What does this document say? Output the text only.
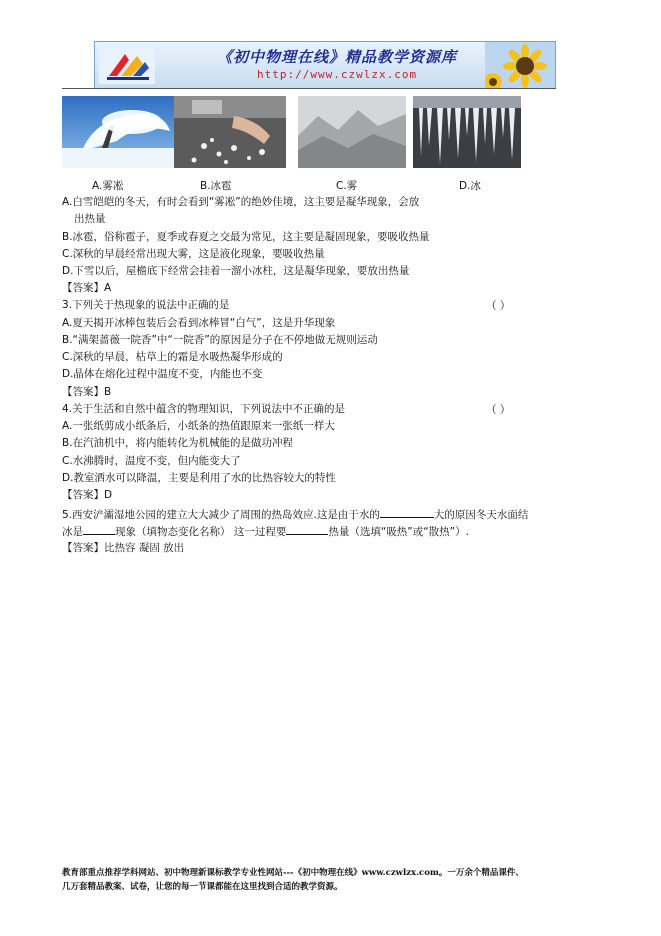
《初中物理在线》精品教学资源库
http://www.czwlzx.com
A.雾凇	B.冰雹	C.雾	D.冰
A.白雪皑皑的冬天，有时会看到“雾凇”的绝妙佳境，这主要是凝华现象，会放
出热量
B.冰雹，俗称雹子，夏季或春夏之交最为常见，这主要是凝固现象，要吸收热量
C.深秋的早晨经常出现大雾，这是液化现象，要吸收热量
D.下雪以后，屋檐底下经常会挂着一溜小冰柱，这是凝华现象，要放出热量
【答案】A
3.下列关于热现象的说法中正确的是	（ ）
A.夏天揭开冰棒包装后会看到冰棒冒“白气”，这是升华现象
B.“满架蔷薇一院香”中“一院香”的原因是分子在不停地做无规则运动
C.深秋的早晨，枯草上的霜是水吸热凝华形成的
D.晶体在熔化过程中温度不变，内能也不变
【答案】B
4.关于生活和自然中蕴含的物理知识，下列说法中不正确的是	（ ）
A.一张纸剪成小纸条后，小纸条的热值跟原来一张纸一样大
B.在汽油机中，将内能转化为机械能的是做功冲程
C.水沸腾时，温度不变，但内能变大了
D.教室洒水可以降温，主要是利用了水的比热容较大的特性
【答案】D
5.西安浐灞湿地公园的建立大大减少了周围的热岛效应.这是由于水的	大的原因冬天水面结
冰是	现象（填物态变化名称） 这一过程要	热量（选填“吸热”或“散热”）.
【答案】比热容 凝固 放出
教育部重点推荐学科网站、初中物理新课标教学专业性网站---《初中物理在线》www.czwlzx.com。一万余个精品课件、
几万套精品教案、试卷，让您的每一节课都能在这里找到合适的教学资源。
